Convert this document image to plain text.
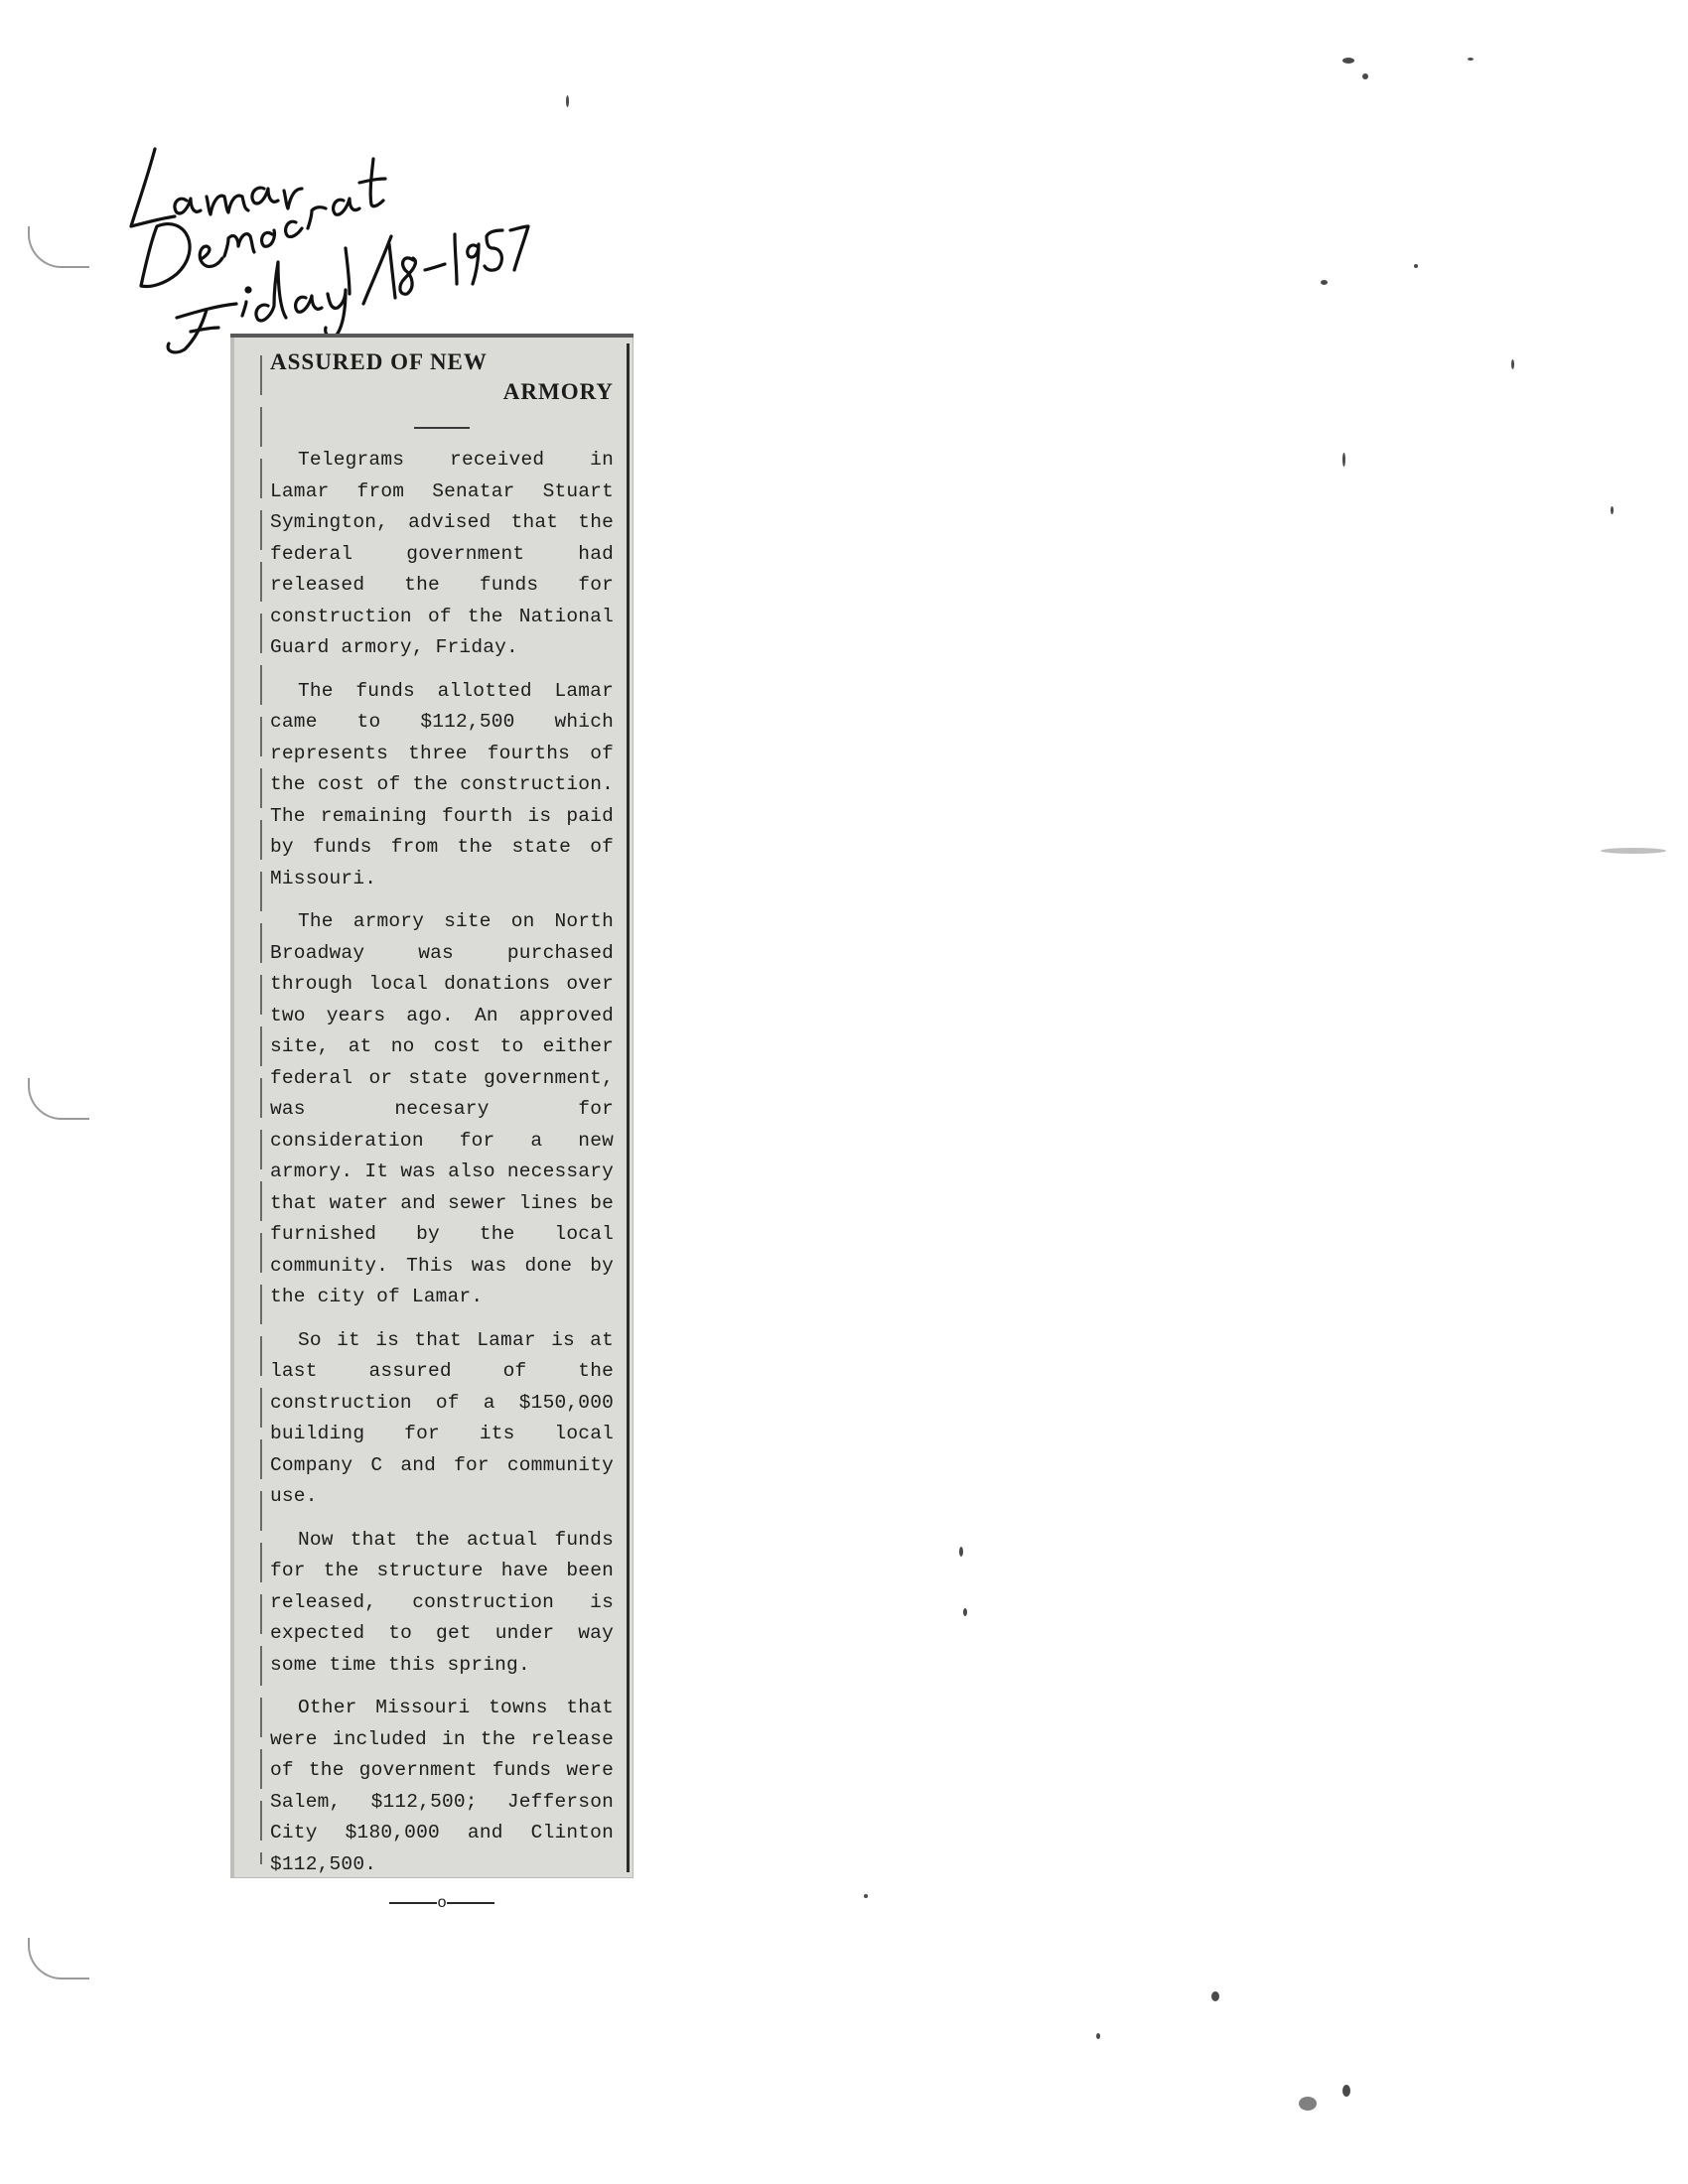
ASSURED OF NEW

ARMORY

Telegrams received in Lamar from Senatar Stuart Symington, advised that the federal government had released the funds for construction of the National Guard armory, Friday.

The funds allotted Lamar came to $112,500 which represents three fourths of the cost of the construction. The remaining fourth is paid by funds from the state of Missouri.

The armory site on North Broadway was purchased through local donations over two years ago. An approved site, at no cost to either federal or state government, was necesary for consideration for a new armory. It was also necessary that water and sewer lines be furnished by the local community. This was done by the city of Lamar.

So it is that Lamar is at last assured of the construction of a $150,000 building for its local Company C and for community use.

Now that the actual funds for the structure have been released, construction is expected to get under way some time this spring.

Other Missouri towns that were included in the release of the government funds were Salem, $112,500; Jefferson City $180,000 and Clinton $112,500.

o
